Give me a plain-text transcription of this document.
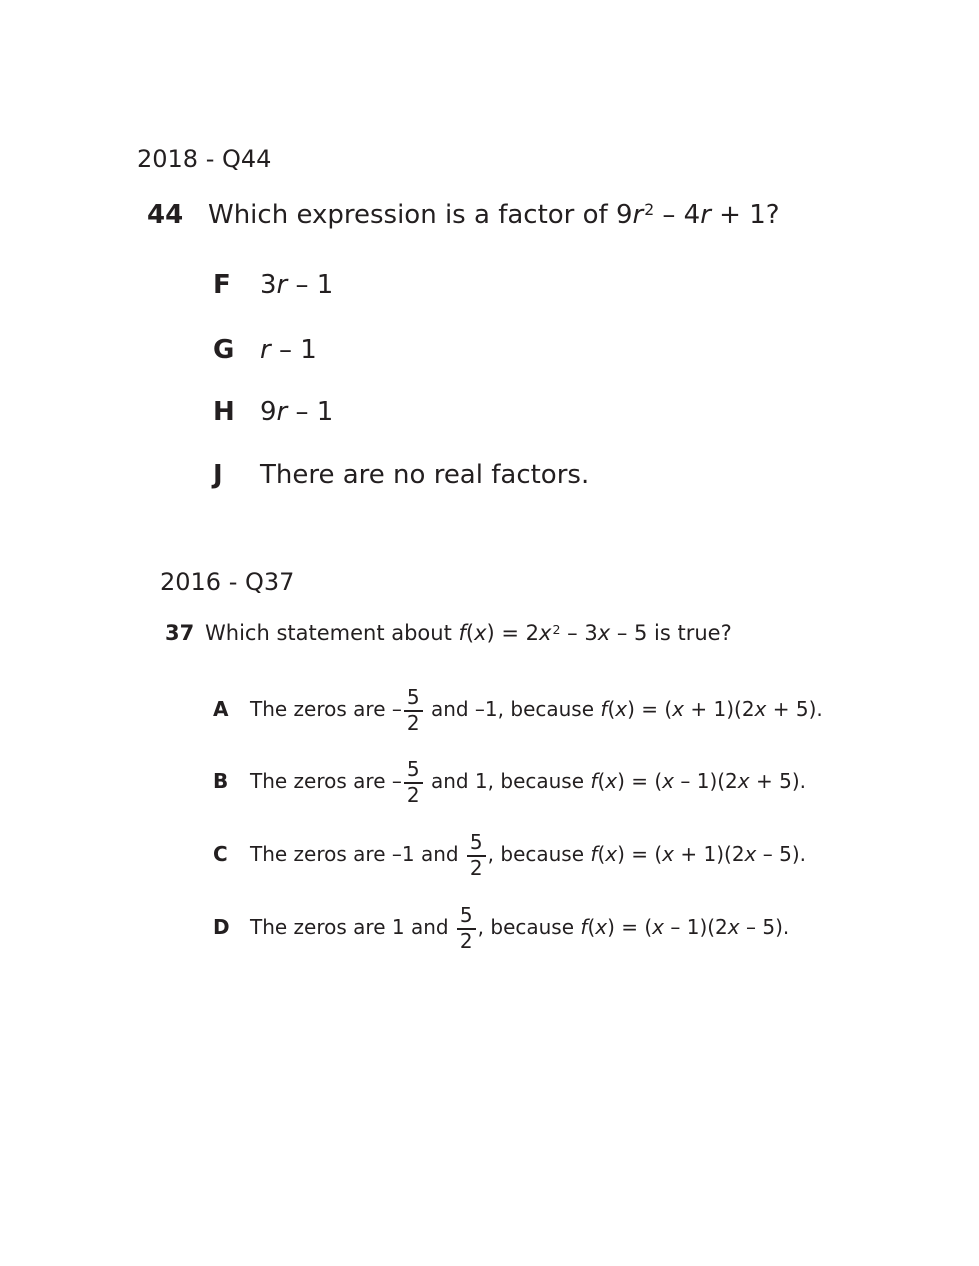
2018 - Q44
44 Which expression is a factor of $9r^2 - 4r + 1$?
F	3r – 1
G r – 1
H 9r – 1
J	There are no real factors.
2016 - Q37
37 Which statement about $f(x) = 2x^2 - 3x - 5$ is true?
A	The zeros are – $\frac{5}{2}$ and –1, because f(x) = (x + 1)(2x + 5).
B	The zeros are – $\frac{5}{2}$ and 1, because f(x) = (x – 1)(2x + 5).
C	The zeros are –1 and $\frac{5}{2}$ , because f(x) = (x + 1)(2x – 5).
D	The zeros are 1 and $\frac{5}{2}$ , because f(x) = (x – 1)(2x – 5).
